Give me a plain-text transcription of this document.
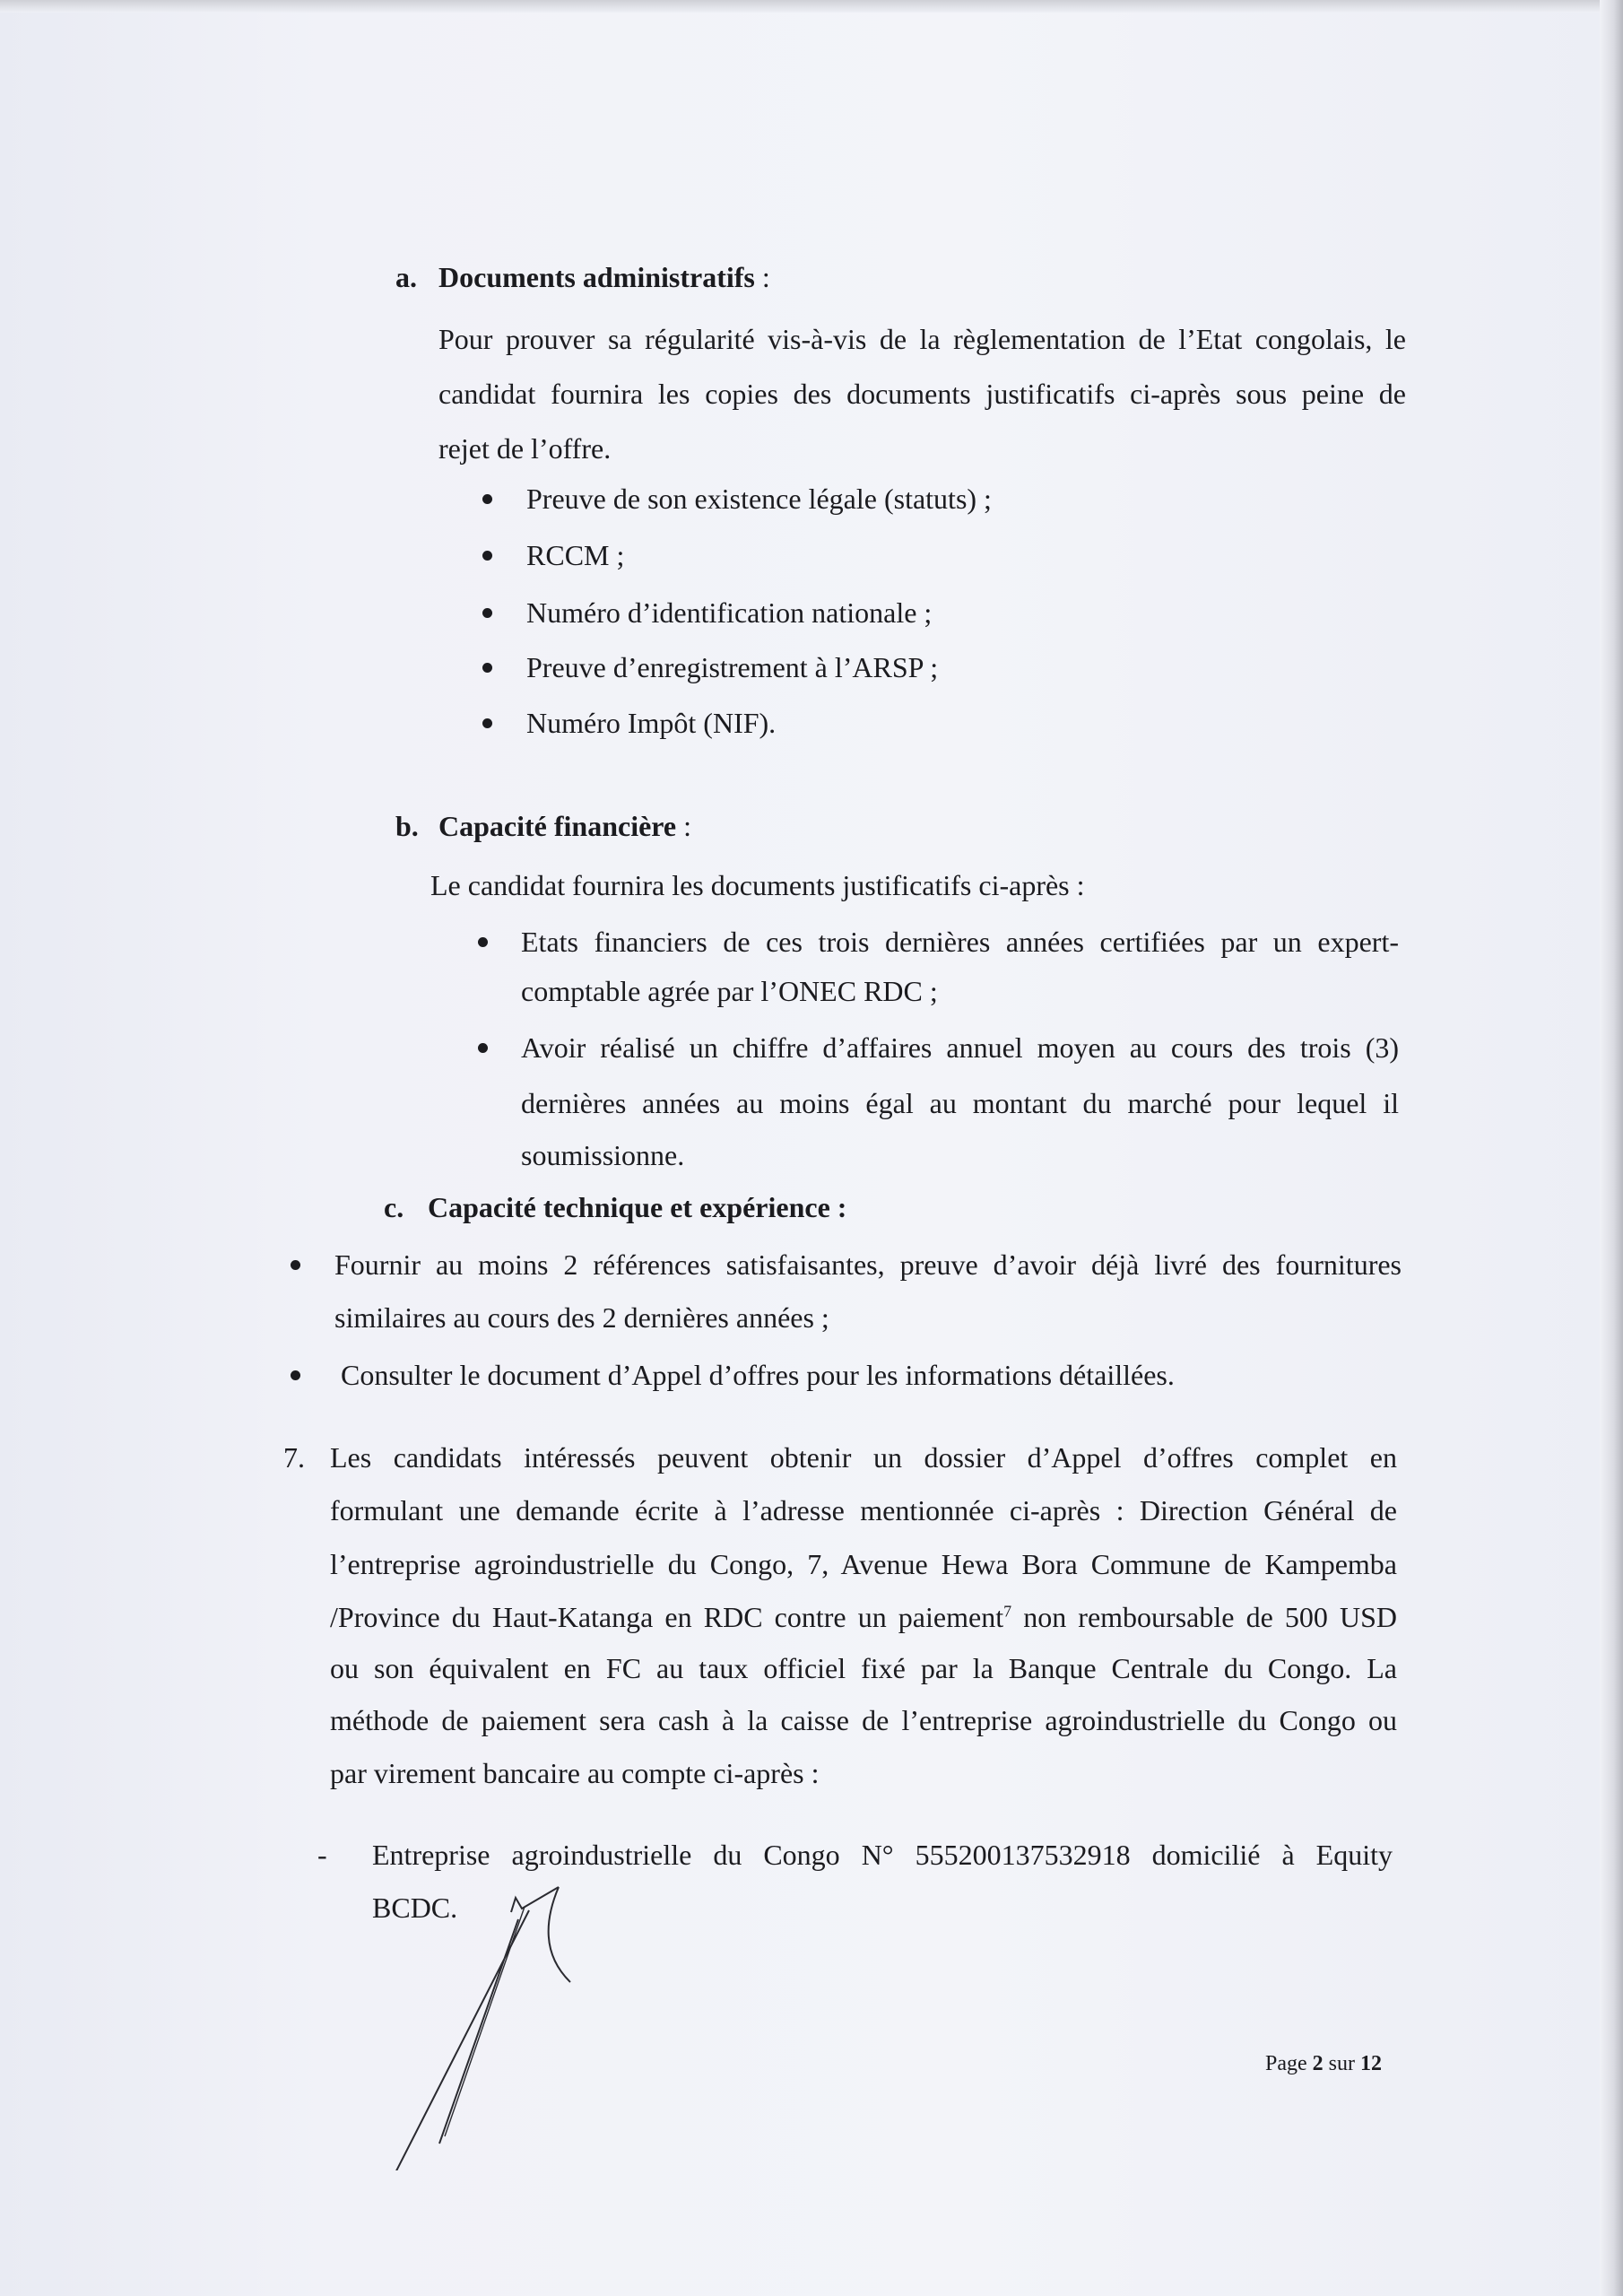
a. Documents administratifs :
Pour prouver sa régularité vis-à-vis de la règlementation de l’Etat congolais, le
candidat fournira les copies des documents justificatifs ci-après sous peine de
rejet de l’offre.
Preuve de son existence légale (statuts) ;
RCCM ;
Numéro d’identification nationale ;
Preuve d’enregistrement à l’ARSP ;
Numéro Impôt (NIF).
b. Capacité financière :
Le candidat fournira les documents justificatifs ci-après :
Etats financiers de ces trois dernières années certifiées par un expert-
comptable agrée par l’ONEC RDC ;
Avoir réalisé un chiffre d’affaires annuel moyen au cours des trois (3)
dernières années au moins égal au montant du marché pour lequel il
soumissionne.
c. Capacité technique et expérience :
Fournir au moins 2 références satisfaisantes, preuve d’avoir déjà livré des fournitures
similaires au cours des 2 dernières années ;
Consulter le document d’Appel d’offres pour les informations détaillées.
7. Les candidats intéressés peuvent obtenir un dossier d’Appel d’offres complet en
formulant une demande écrite à l’adresse mentionnée ci-après : Direction Général de
l’entreprise agroindustrielle du Congo, 7, Avenue Hewa Bora Commune de Kampemba
/Province du Haut-Katanga en RDC contre un paiement$^7$ non remboursable de 500 USD
ou son équivalent en FC au taux officiel fixé par la Banque Centrale du Congo. La
méthode de paiement sera cash à la caisse de l’entreprise agroindustrielle du Congo ou
par virement bancaire au compte ci-après :
- Entreprise agroindustrielle du Congo N° 555200137532918 domicilié à Equity
BCDC.
Page 2 sur 12
